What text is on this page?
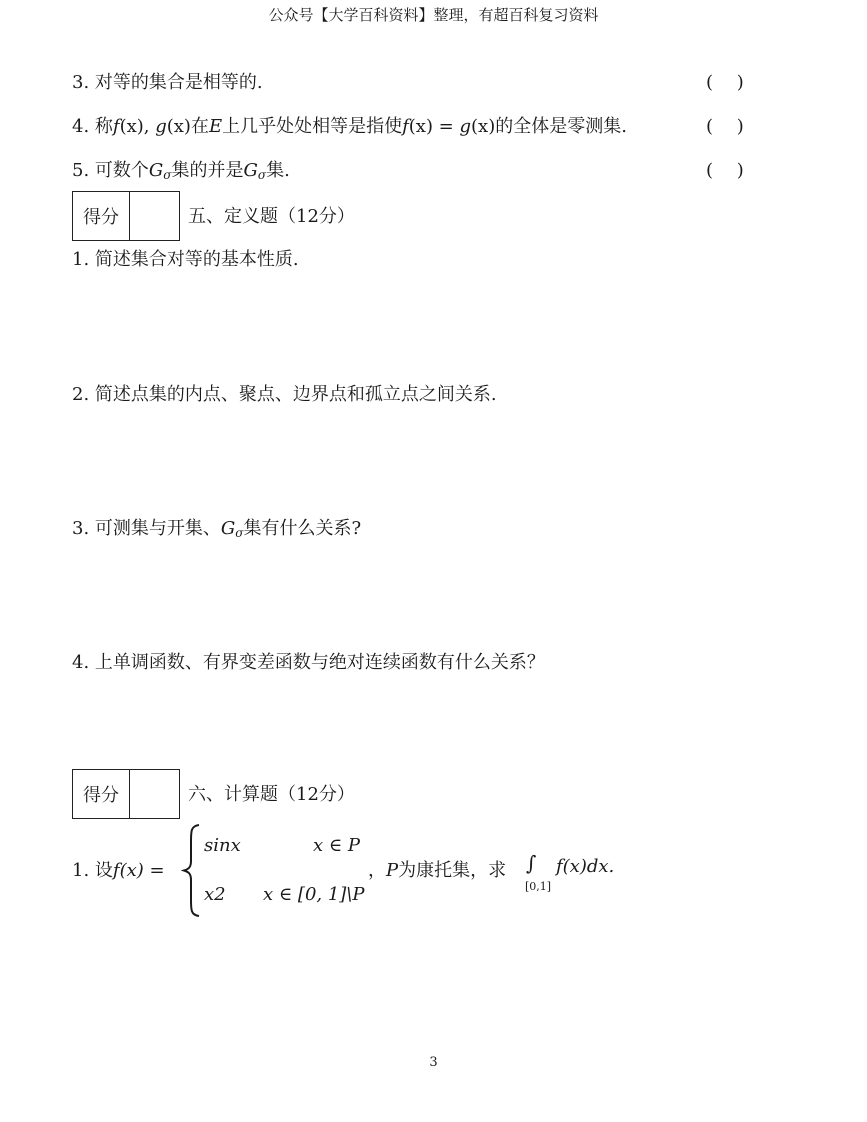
公众号【大学百科资料】整理，有超百科复习资料
3. 对等的集合是相等的.	(　 )
4. 称f(x), g(x)在E上几乎处处相等是指使f(x) = g(x)的全体是零测集.	(　 )
5. 可数个$G_\sigma$集的并是$G_\sigma$集.	(　 )
得分	五、定义题（12分）
1. 简述集合对等的基本性质.
2. 简述点集的内点、聚点、边界点和孤立点之间关系.
3. 可测集与开集、$G_\sigma$集有什么关系?
4. 上单调函数、有界变差函数与绝对连续函数有什么关系？
得分	六、计算题（12分）
1. 设f(x) =
sinx	x ∈ P
x2 x ∈ [0, 1]\P
，P为康托集，求 ∫
[0,1]
f(x)dx.
3
